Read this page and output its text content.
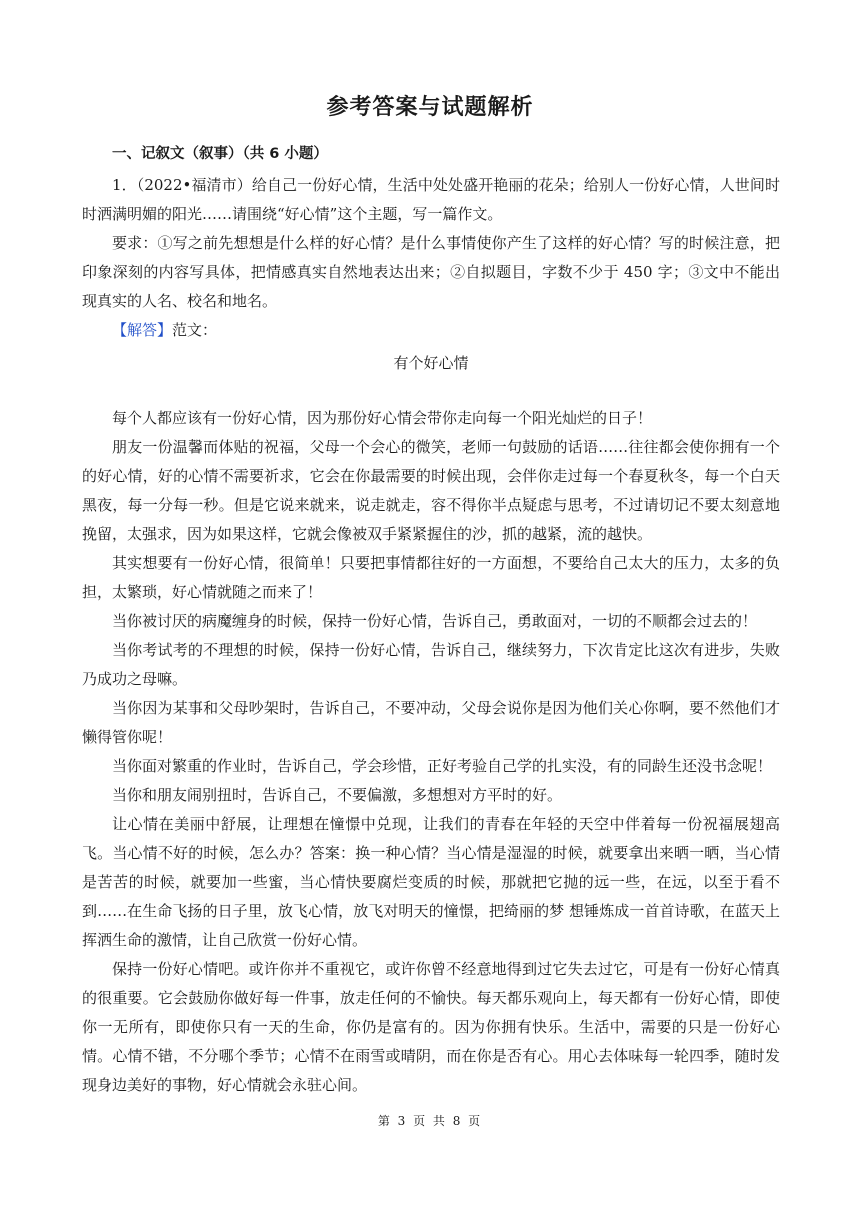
参考答案与试题解析
一、记叙文（叙事）（共 6 小题）

1．（2022•福清市）给自己一份好心情，生活中处处盛开艳丽的花朵；给别人一份好心情，人世间时时洒满明媚的阳光……请围绕“好心情”这个主题，写一篇作文。

要求：①写之前先想想是什么样的好心情？是什么事情使你产生了这样的好心情？写的时候注意，把印象深刻的内容写具体，把情感真实自然地表达出来；②自拟题目，字数不少于 450 字；③文中不能出现真实的人名、校名和地名。

【解答】范文：

有个好心情

每个人都应该有一份好心情，因为那份好心情会带你走向每一个阳光灿烂的日子！

朋友一份温馨而体贴的祝福，父母一个会心的微笑，老师一句鼓励的话语……往往都会使你拥有一个的好心情，好的心情不需要祈求，它会在你最需要的时候出现，会伴你走过每一个春夏秋冬，每一个白天黑夜，每一分每一秒。但是它说来就来，说走就走，容不得你半点疑虑与思考，不过请切记不要太刻意地挽留，太强求，因为如果这样，它就会像被双手紧紧握住的沙，抓的越紧，流的越快。

其实想要有一份好心情，很简单！只要把事情都往好的一方面想，不要给自己太大的压力，太多的负担，太繁琐，好心情就随之而来了！

当你被讨厌的病魔缠身的时候，保持一份好心情，告诉自己，勇敢面对，一切的不顺都会过去的！

当你考试考的不理想的时候，保持一份好心情，告诉自己，继续努力，下次肯定比这次有进步，失败乃成功之母嘛。

当你因为某事和父母吵架时，告诉自己，不要冲动，父母会说你是因为他们关心你啊，要不然他们才懒得管你呢！

当你面对繁重的作业时，告诉自己，学会珍惜，正好考验自己学的扎实没，有的同龄生还没书念呢！

当你和朋友闹别扭时，告诉自己，不要偏激，多想想对方平时的好。

让心情在美丽中舒展，让理想在憧憬中兑现，让我们的青春在年轻的天空中伴着每一份祝福展翅高飞。当心情不好的时候，怎么办？答案：换一种心情？当心情是湿湿的时候，就要拿出来晒一晒，当心情是苦苦的时候，就要加一些蜜，当心情快要腐烂变质的时候，那就把它抛的远一些，在远，以至于看不到……在生命飞扬的日子里，放飞心情，放飞对明天的憧憬，把绮丽的梦 想锤炼成一首首诗歌，在蓝天上挥洒生命的激情，让自己欣赏一份好心情。

保持一份好心情吧。或许你并不重视它，或许你曾不经意地得到过它失去过它，可是有一份好心情真的很重要。它会鼓励你做好每一件事，放走任何的不愉快。每天都乐观向上，每天都有一份好心情，即使你一无所有，即使你只有一天的生命，你仍是富有的。因为你拥有快乐。生活中，需要的只是一份好心情。心情不错，不分哪个季节；心情不在雨雪或晴阴，而在你是否有心。用心去体味每一轮四季，随时发现身边美好的事物，好心情就会永驻心间。

第 3 页 共 8 页
